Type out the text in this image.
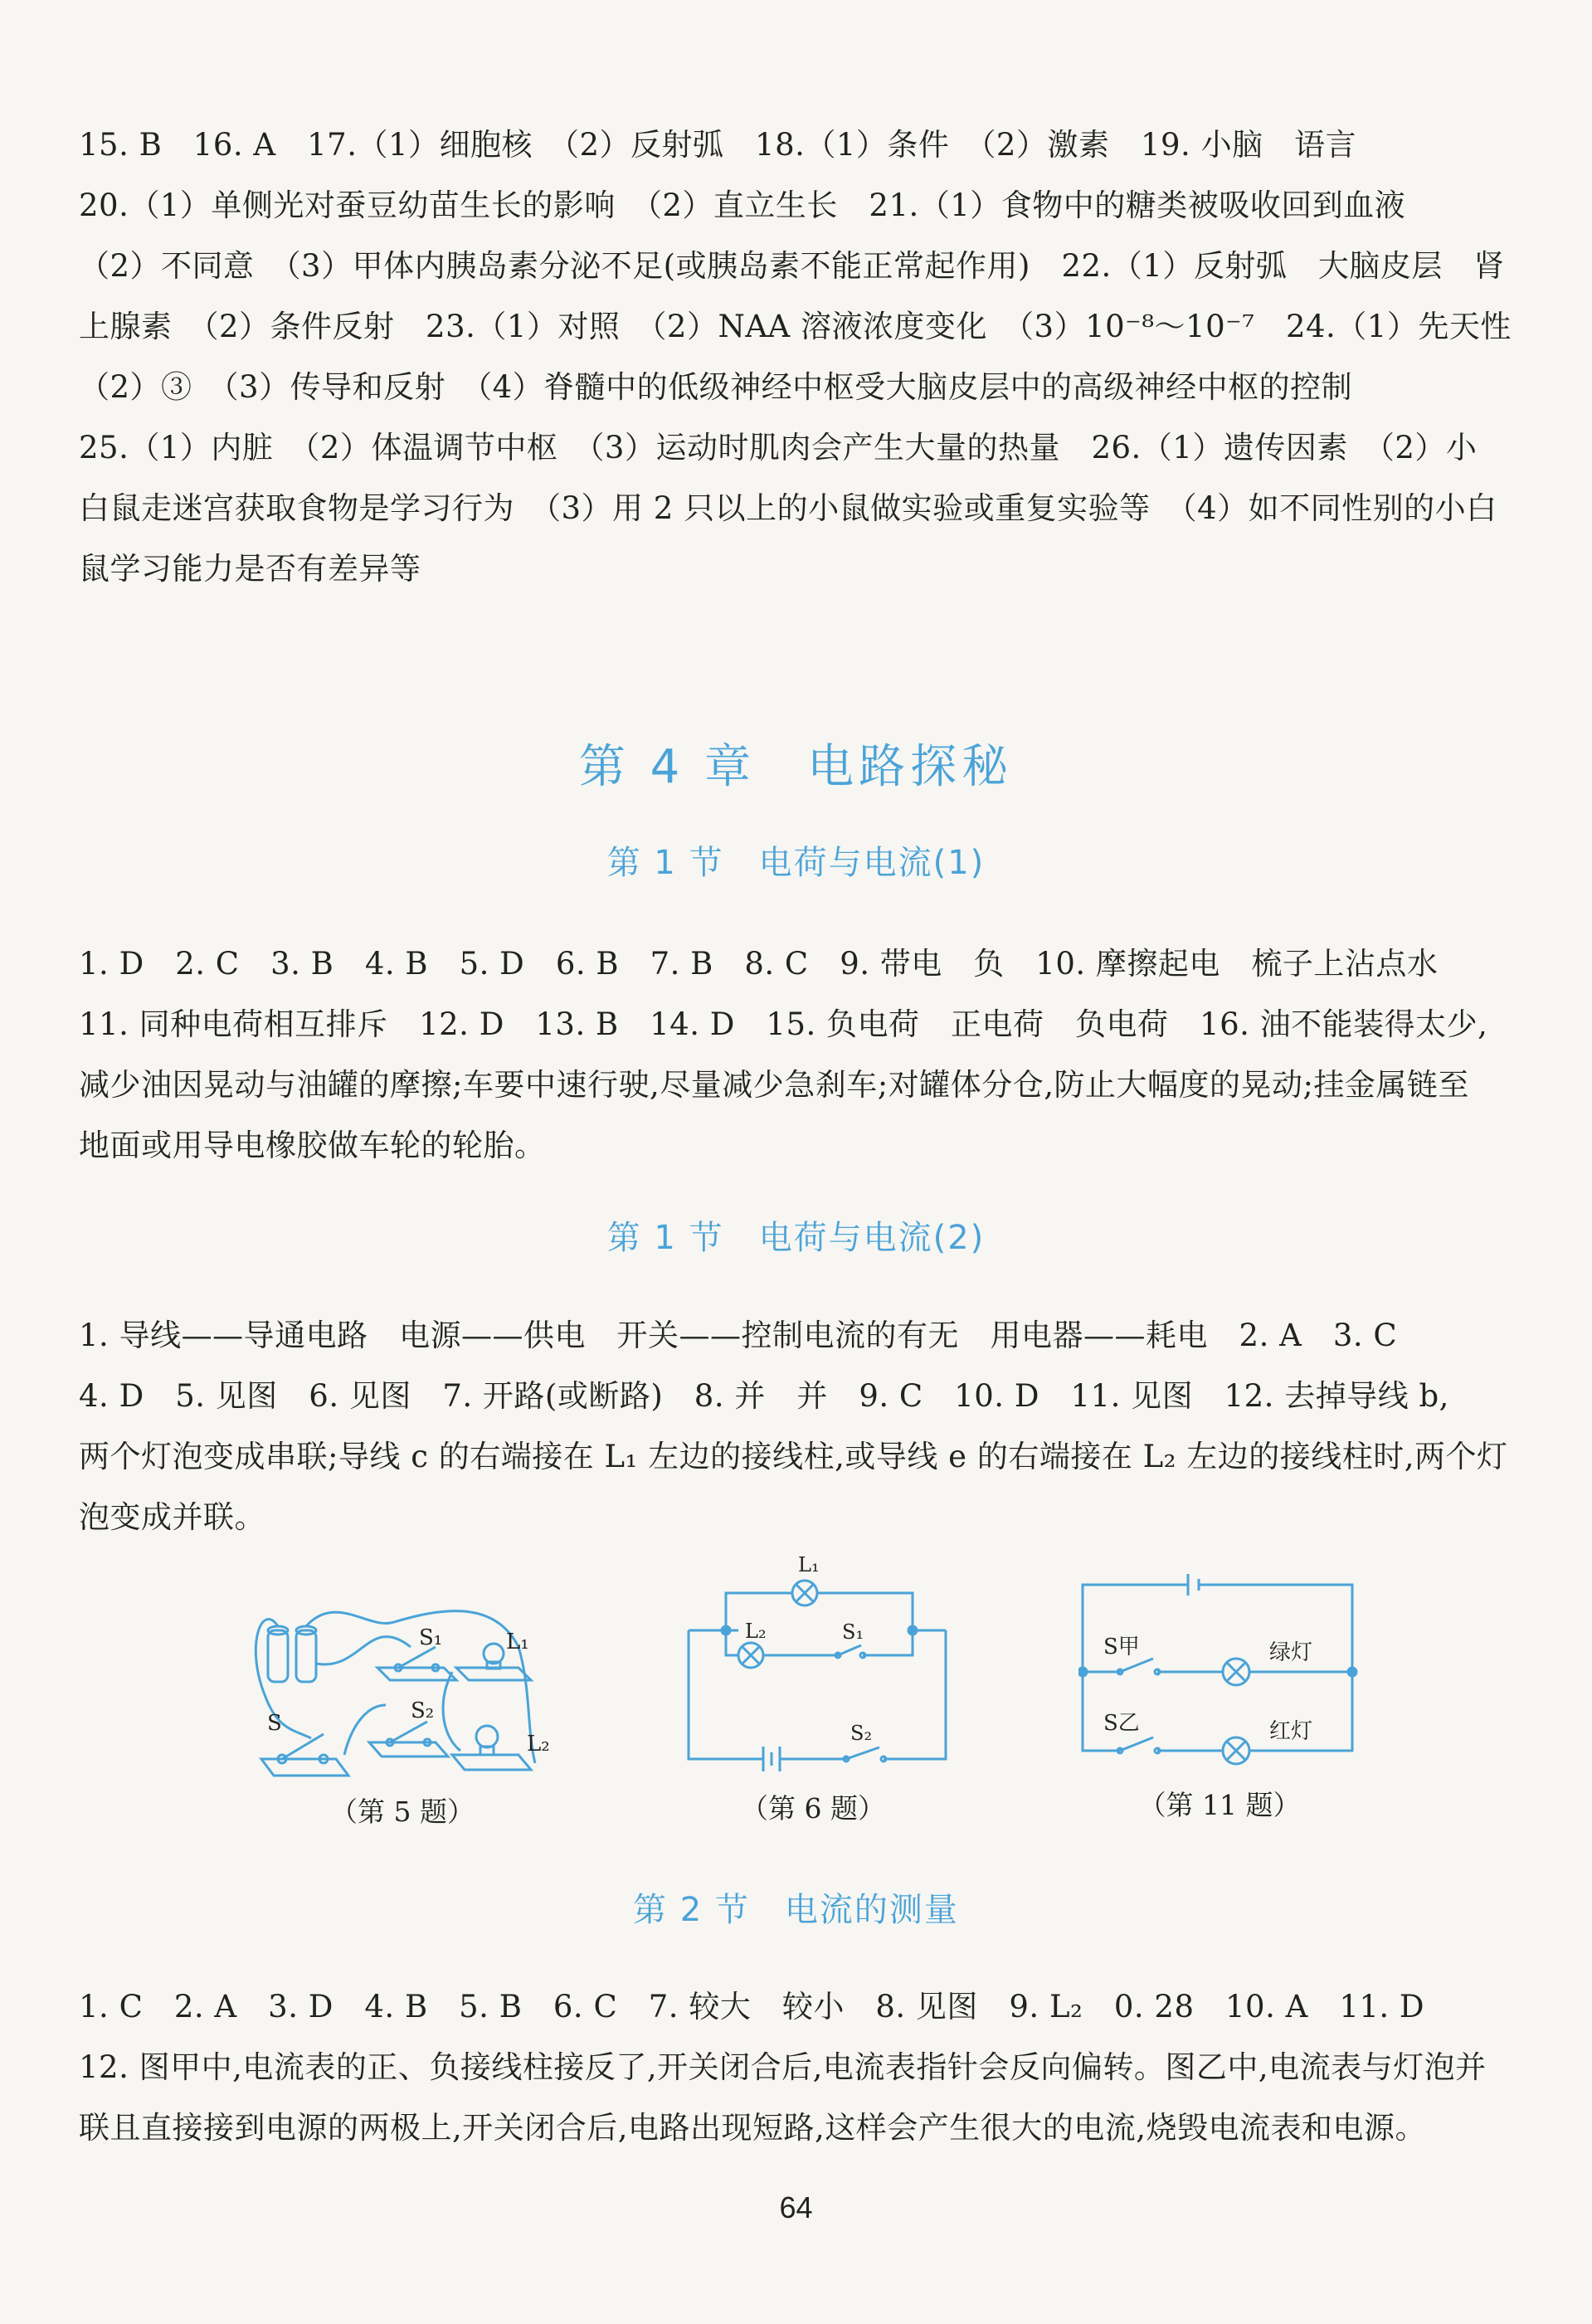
15. B　16. A　17.（1）细胞核　（2）反射弧　18.（1）条件　（2）激素　19. 小脑　语言
20.（1）单侧光对蚕豆幼苗生长的影响　（2）直立生长　21.（1）食物中的糖类被吸收回到血液
（2）不同意　（3）甲体内胰岛素分泌不足(或胰岛素不能正常起作用)　22.（1）反射弧　大脑皮层　肾
上腺素　（2）条件反射　23.（1）对照　（2）NAA 溶液浓度变化　（3）10⁻⁸～10⁻⁷　24.（1）先天性
（2）③　（3）传导和反射　（4）脊髓中的低级神经中枢受大脑皮层中的高级神经中枢的控制
25.（1）内脏　（2）体温调节中枢　（3）运动时肌肉会产生大量的热量　26.（1）遗传因素　（2）小
白鼠走迷宫获取食物是学习行为　（3）用 2 只以上的小鼠做实验或重复实验等　（4）如不同性别的小白
鼠学习能力是否有差异等
第 4 章　电路探秘
第 1 节　电荷与电流(1)
1. D　2. C　3. B　4. B　5. D　6. B　7. B　8. C　9. 带电　负　10. 摩擦起电　梳子上沾点水
11. 同种电荷相互排斥　12. D　13. B　14. D　15. 负电荷　正电荷　负电荷　16. 油不能装得太少,
减少油因晃动与油罐的摩擦;车要中速行驶,尽量减少急刹车;对罐体分仓,防止大幅度的晃动;挂金属链至
地面或用导电橡胶做车轮的轮胎。
第 1 节　电荷与电流(2)
1. 导线——导通电路　电源——供电　开关——控制电流的有无　用电器——耗电　2. A　3. C
4. D　5. 见图　6. 见图　7. 开路(或断路)　8. 并　并　9. C　10. D　11. 见图　12. 去掉导线 b,
两个灯泡变成串联;导线 c 的右端接在 L₁ 左边的接线柱,或导线 e 的右端接在 L₂ 左边的接线柱时,两个灯
泡变成并联。
S₁	L₁
S	S₂
L₂
（第 5 题）
L₁
L₂	S₁
S₂
（第 6 题）
S甲	绿灯
S乙	红灯
（第 11 题）
第 2 节　电流的测量
1. C　2. A　3. D　4. B　5. B　6. C　7. 较大　较小　8. 见图　9. L₂　0. 28　10. A　11. D
12. 图甲中,电流表的正、负接线柱接反了,开关闭合后,电流表指针会反向偏转。图乙中,电流表与灯泡并
联且直接接到电源的两极上,开关闭合后,电路出现短路,这样会产生很大的电流,烧毁电流表和电源。
64
